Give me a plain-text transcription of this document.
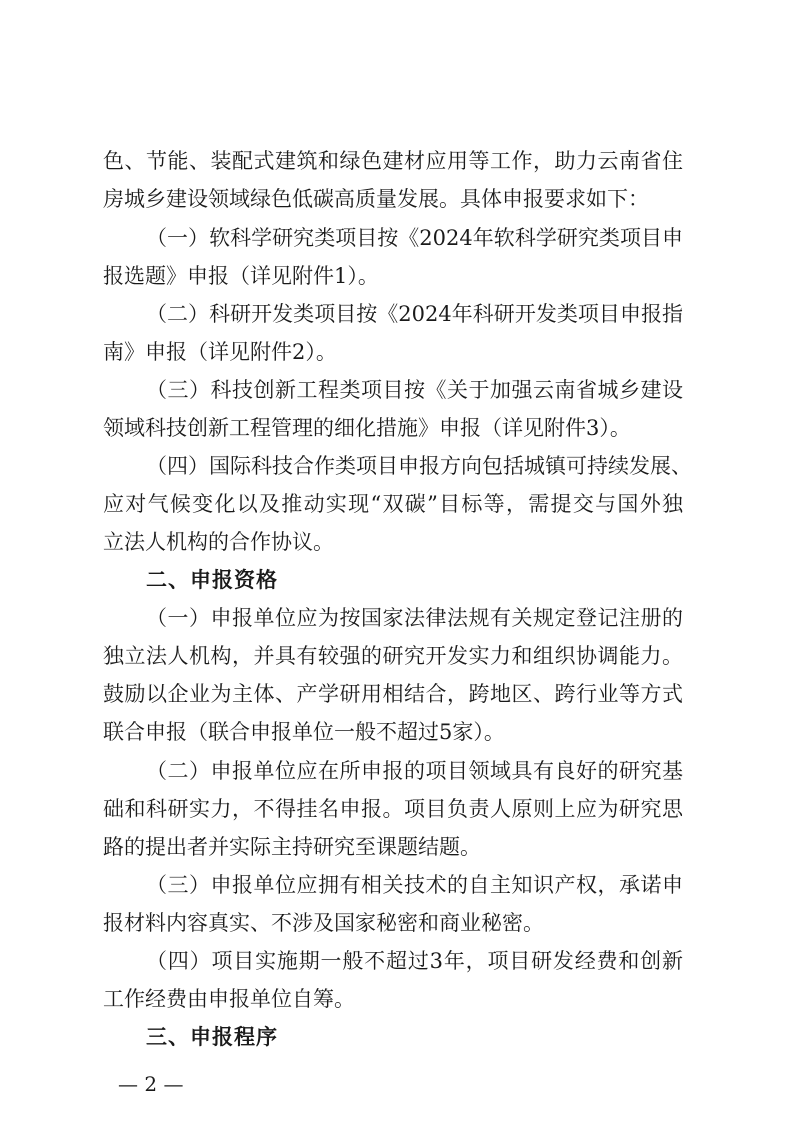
色、节能、装配式建筑和绿色建材应用等工作，助力云南省住
房城乡建设领域绿色低碳高质量发展。具体申报要求如下：
（一）软科学研究类项目按《2024年软科学研究类项目申
报选题》申报（详见附件1）。
（二）科研开发类项目按《2024年科研开发类项目申报指
南》申报（详见附件2）。
（三）科技创新工程类项目按《关于加强云南省城乡建设
领域科技创新工程管理的细化措施》申报（详见附件3）。
（四）国际科技合作类项目申报方向包括城镇可持续发展、
应对气候变化以及推动实现“双碳”目标等，需提交与国外独
立法人机构的合作协议。
二、申报资格
（一）申报单位应为按国家法律法规有关规定登记注册的
独立法人机构，并具有较强的研究开发实力和组织协调能力。
鼓励以企业为主体、产学研用相结合，跨地区、跨行业等方式
联合申报（联合申报单位一般不超过5家）。
（二）申报单位应在所申报的项目领域具有良好的研究基
础和科研实力，不得挂名申报。项目负责人原则上应为研究思
路的提出者并实际主持研究至课题结题。
（三）申报单位应拥有相关技术的自主知识产权，承诺申
报材料内容真实、不涉及国家秘密和商业秘密。
（四）项目实施期一般不超过3年，项目研发经费和创新
工作经费由申报单位自筹。
三、申报程序
— 2 —
